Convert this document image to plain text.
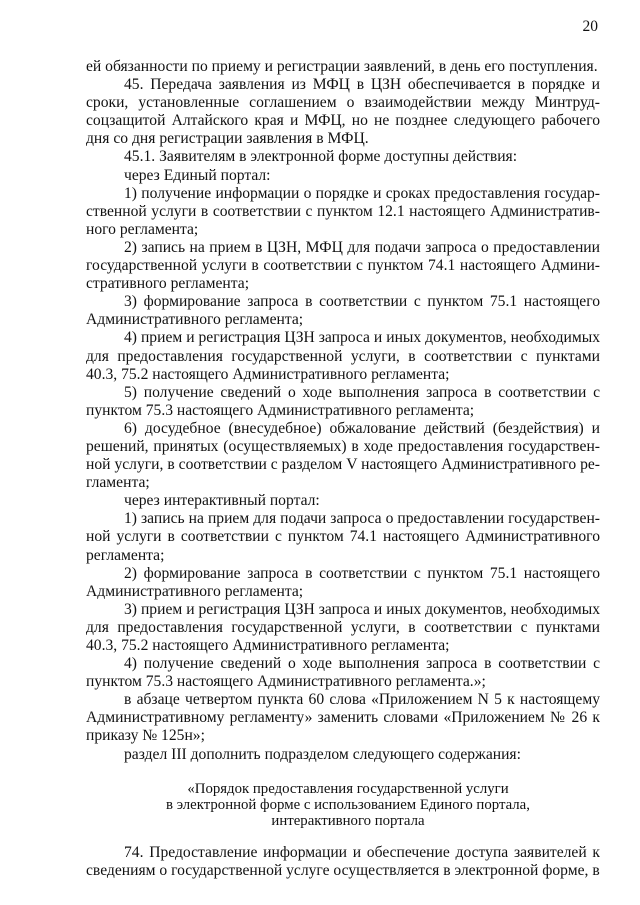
20

ей обязанности по приему и регистрации заявлений, в день его поступления.

45. Передача заявления из МФЦ в ЦЗН обеспечивается в порядке и сроки, установленные соглашением о взаимодействии между Минтрудсоцзащитой Алтайского края и МФЦ, но не позднее следующего рабочего дня со дня регистрации заявления в МФЦ.

45.1. Заявителям в электронной форме доступны действия:

через Единый портал:

1) получение информации о порядке и сроках предоставления государственной услуги в соответствии с пунктом 12.1 настоящего Административного регламента;

2) запись на прием в ЦЗН, МФЦ для подачи запроса о предоставлении государственной услуги в соответствии с пунктом 74.1 настоящего Административного регламента;

3) формирование запроса в соответствии с пунктом 75.1 настоящего Административного регламента;

4) прием и регистрация ЦЗН запроса и иных документов, необходимых для предоставления государственной услуги, в соответствии с пунктами 40.3, 75.2 настоящего Административного регламента;

5) получение сведений о ходе выполнения запроса в соответствии с пунктом 75.3 настоящего Административного регламента;

6) досудебное (внесудебное) обжалование действий (бездействия) и решений, принятых (осуществляемых) в ходе предоставления государственной услуги, в соответствии с разделом V настоящего Административного регламента;

через интерактивный портал:

1) запись на прием для подачи запроса о предоставлении государственной услуги в соответствии с пунктом 74.1 настоящего Административного регламента;

2) формирование запроса в соответствии с пунктом 75.1 настоящего Административного регламента;

3) прием и регистрация ЦЗН запроса и иных документов, необходимых для предоставления государственной услуги, в соответствии с пунктами 40.3, 75.2 настоящего Административного регламента;

4) получение сведений о ходе выполнения запроса в соответствии с пунктом 75.3 настоящего Административного регламента.»;

в абзаце четвертом пункта 60 слова «Приложением N 5 к настоящему Административному регламенту» заменить словами «Приложением № 26 к приказу № 125н»;

раздел III дополнить подразделом следующего содержания:

«Порядок предоставления государственной услуги
в электронной форме с использованием Единого портала,
интерактивного портала

74. Предоставление информации и обеспечение доступа заявителей к сведениям о государственной услуге осуществляется в электронной форме, в
